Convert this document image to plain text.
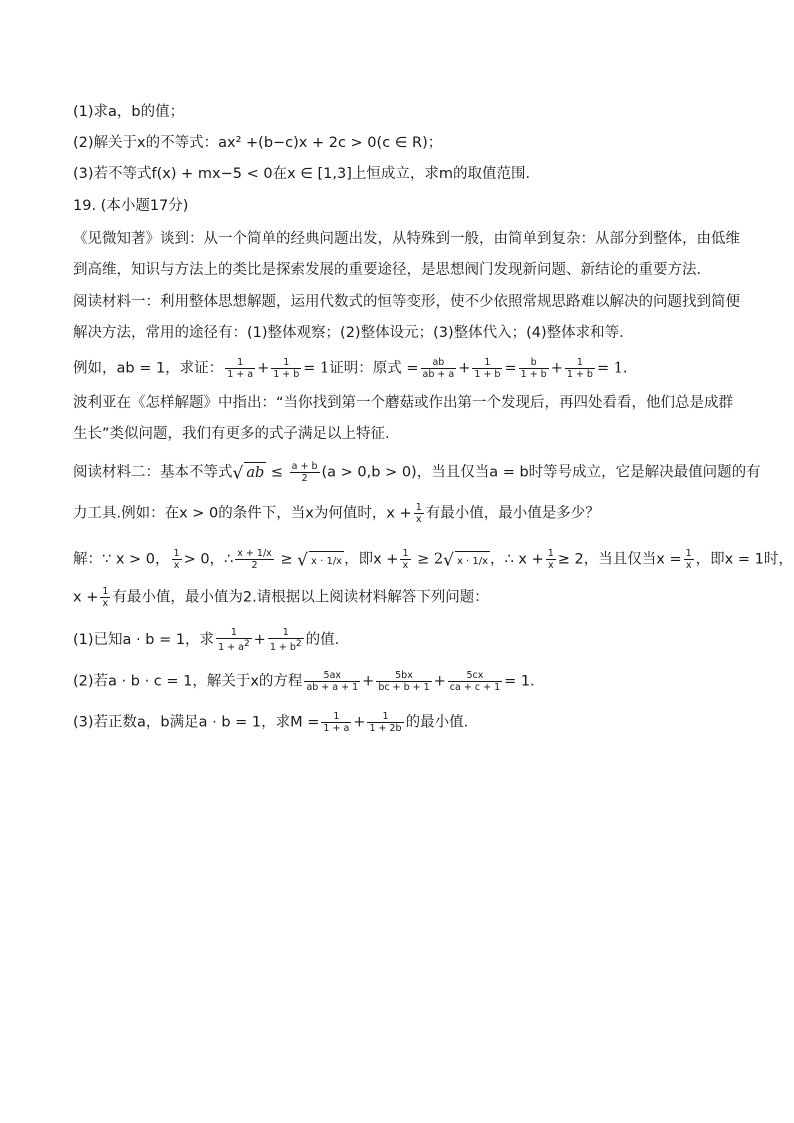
(1)求a，b的值；
(2)解关于x的不等式：ax² +(b−c)x + 2c > 0(c ∈ R)；
(3)若不等式f(x) + mx−5 < 0在x ∈ [1,3]上恒成立，求m的取值范围．
19. (本小题17分)
《见微知著》谈到：从一个简单的经典问题出发，从特殊到一般，由简单到复杂：从部分到整体，由低维
到高维，知识与方法上的类比是探索发展的重要途径，是思想阀门发现新问题、新结论的重要方法．
阅读材料一：利用整体思想解题，运用代数式的恒等变形，使不少依照常规思路难以解决的问题找到简便
解决方法，常用的途径有：(1)整体观察；(2)整体设元；(3)整体代入；(4)整体求和等．
例如，ab = 1，求证： $\frac{1}{1 + a} + \frac{1}{1 + b} = 1$证明：原式 = $\frac{ab}{ab + a} + \frac{1}{1 + b} = \frac{b}{1 + b} + \frac{1}{1 + b} = 1$.
波利亚在《怎样解题》中指出：“当你找到第一个蘑菇或作出第一个发现后，再四处看看，他们总是成群
生长”类似问题，我们有更多的式子满足以上特征．
阅读材料二：基本不等式√ ab ≤ $\frac{a + b}{2} (a > 0,b > 0)$，当且仅当a = b时等号成立，它是解决最值问题的有
力工具.例如：在x > 0的条件下，当x为何值时，$x + \frac{1}{x}$ 有最小值，最小值是多少？
解：∵ x > 0， $\frac{1}{x} > 0$，∴ $\frac{x + 1/x}{2}$ ≥ √ x · 1/x ，即$x + \frac{1}{x} \ge 2√$ x · 1/x ，∴ $x + \frac{1}{x} \ge 2$，当且仅当$x = \frac{1}{x}$ ，即x = 1时，
$x + \frac{1}{x}$ 有最小值，最小值为2.请根据以上阅读材料解答下列问题：
(1)已知a · b = 1，求 $\frac{1}{1 + a^2} + \frac{1}{1 + b^2}$ 的值．
(2)若a · b · c = 1，解关于x的方程 $\frac{5ax}{ab + a + 1} + \frac{5bx}{bc + b + 1} + \frac{5cx}{ca + c + 1} = 1$．
(3)若正数a，b满足a · b = 1，求$M = \frac{1}{1 + a} + \frac{1}{1 + 2b}$ 的最小值．
